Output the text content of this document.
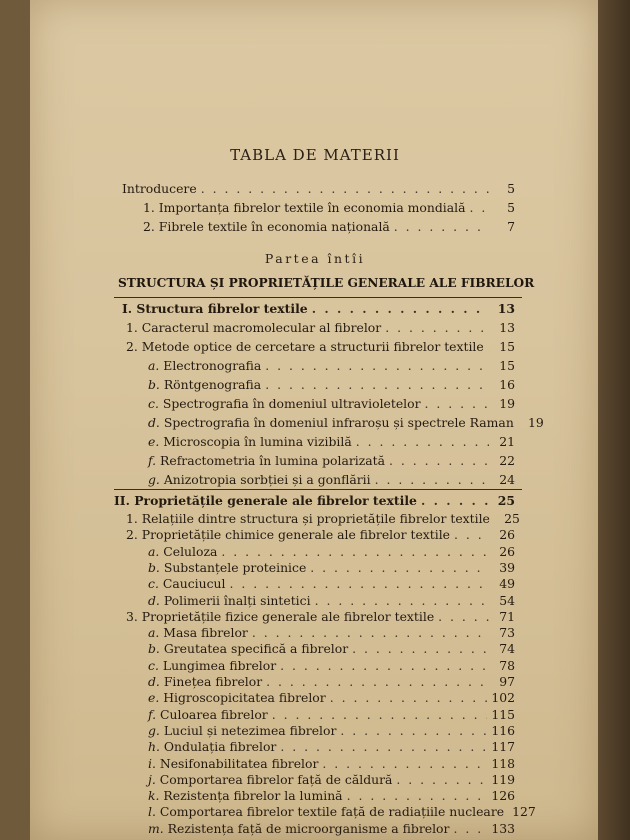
TABLA DE MATERII
Introducere . . .	5
1. Importanța fibrelor textile în economia mondială . . .	5
2. Fibrele textile în economia națională . . .	7
Partea întîi
STRUCTURA ȘI PROPRIETĂȚILE GENERALE ALE FIBRELOR
I. Structura fibrelor textile . . .	13
1. Caracterul macromolecular al fibrelor . . .	13
2. Metode optice de cercetare a structurii fibrelor textile . . .	15
a. Electronografia . . .	15
b. Röntgenografia . . .	16
c. Spectrografia în domeniul ultravioletelor . . .	19
d. Spectrografia în domeniul infraroșu și spectrele Raman	19
e. Microscopia în lumina vizibilă . . .	21
f. Refractometria în lumina polarizată . . .	22
g. Anizotropia sorbției și a gonflării . . .	24
II. Proprietățile generale ale fibrelor textile . . .	25
1. Relațiile dintre structura și proprietățile fibrelor textile	25
2. Proprietățile chimice generale ale fibrelor textile . . .	26
a. Celuloza . . .	26
b. Substanțele proteinice . . .	39
c. Cauciucul . . .	49
d. Polimerii înalți sintetici . . .	54
3. Proprietățile fizice generale ale fibrelor textile . . .	71
a. Masa fibrelor . . .	73
b. Greutatea specifică a fibrelor . . .	74
c. Lungimea fibrelor . . .	78
d. Finețea fibrelor . . .	97
e. Higroscopicitatea fibrelor . . .	102
f. Culoarea fibrelor . . .	115
g. Luciul și netezimea fibrelor . . .	116
h. Ondulația fibrelor . . .	117
i. Nesifonabilitatea fibrelor . . .	118
j. Comportarea fibrelor față de căldură . . .	119
k. Rezistența fibrelor la lumină . . .	126
l. Comportarea fibrelor textile față de radiațiile nucleare 127
m. Rezistența față de microorganisme a fibrelor . . .	133
